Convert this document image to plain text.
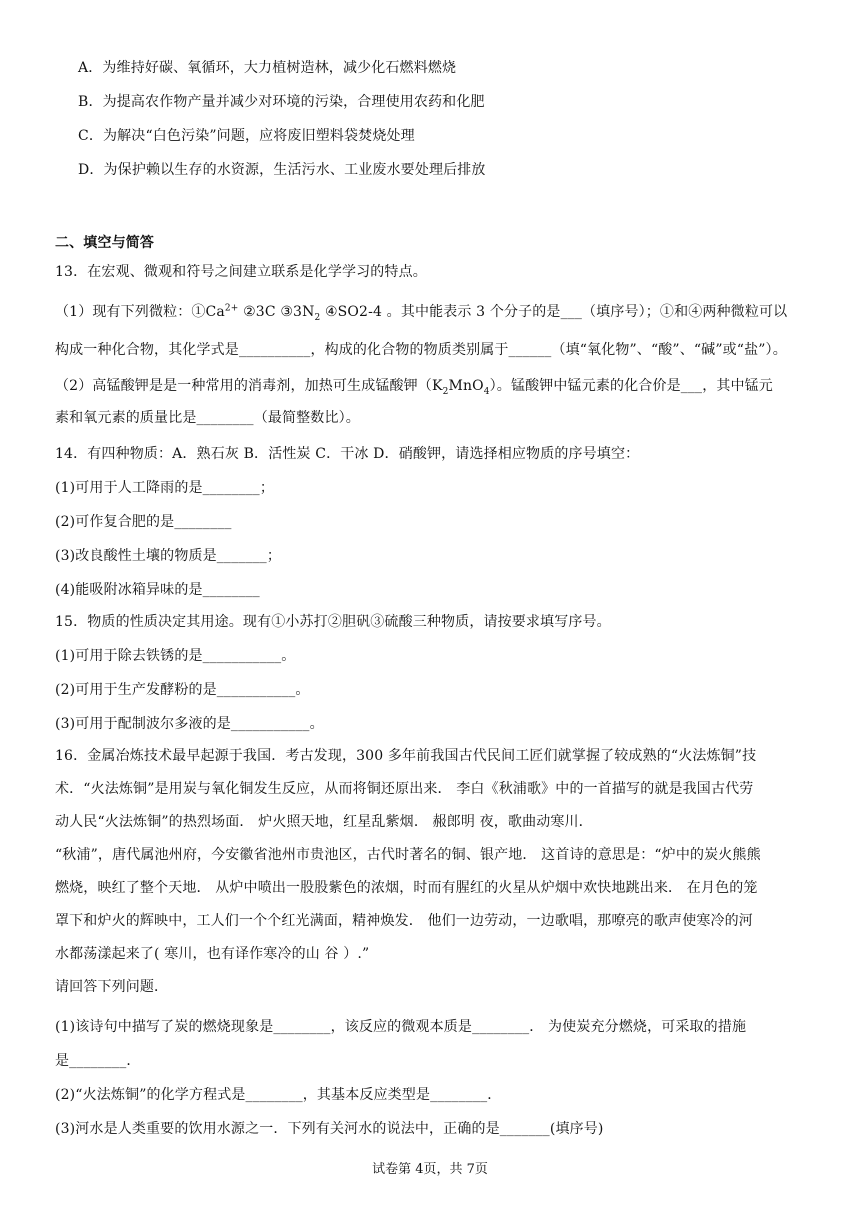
A．为维持好碳、氧循环，大力植树造林，减少化石燃料燃烧
B．为提高农作物产量并减少对环境的污染，合理使用农药和化肥
C．为解决“白色污染”问题，应将废旧塑料袋焚烧处理
D．为保护赖以生存的水资源，生活污水、工业废水要处理后排放
二、填空与简答
13．在宏观、微观和符号之间建立联系是化学学习的特点。
（1）现有下列微粒：$①Ca^{2+}$ ②3C $③3N_2$ ④SO2-4 。其中能表示 3 个分子的是___（填序号）；①和④两种微粒可以
构成一种化合物，其化学式是__________，构成的化合物的物质类别属于______（填“氧化物”、“酸”、“碱”或“盐”）。
（2）高锰酸钾是是一种常用的消毒剂，加热可生成锰酸钾$(K_2MnO_4)$。锰酸钾中锰元素的化合价是___，其中锰元
素和氧元素的质量比是________（最简整数比）。
14．有四种物质：A．熟石灰 B．活性炭 C．干冰 D．硝酸钾，请选择相应物质的序号填空：
(1)可用于人工降雨的是________；
(2)可作复合肥的是________
(3)改良酸性土壤的物质是_______；
(4)能吸附冰箱异味的是________
15．物质的性质决定其用途。现有①小苏打②胆矾③硫酸三种物质，请按要求填写序号。
(1)可用于除去铁锈的是___________。
(2)可用于生产发酵粉的是___________。
(3)可用于配制波尔多液的是___________。
16．金属冶炼技术最早起源于我国．考古发现，300 多年前我国古代民间工匠们就掌握了较成熟的“火法炼铜”技
术．“火法炼铜”是用炭与氧化铜发生反应，从而将铜还原出来． 李白《秋浦歌》中的一首描写的就是我国古代劳
动人民“火法炼铜”的热烈场面． 炉火照天地，红星乱紫烟． 赧郎明 夜，歌曲动寒川．
“秋浦”，唐代属池州府，今安徽省池州市贵池区，古代时著名的铜、银产地． 这首诗的意思是：“炉中的炭火熊熊
燃烧，映红了整个天地． 从炉中喷出一股股紫色的浓烟，时而有腥红的火星从炉烟中欢快地跳出来． 在月色的笼
罩下和炉火的辉映中，工人们一个个红光满面，精神焕发． 他们一边劳动，一边歌唱，那嘹亮的歌声使寒冷的河
水都荡漾起来了( 寒川，也有译作寒冷的山 谷 ）.”
请回答下列问题．
(1)该诗句中描写了炭的燃烧现象是________，该反应的微观本质是________． 为使炭充分燃烧，可采取的措施
是________．
(2)“火法炼铜”的化学方程式是________，其基本反应类型是________．
(3)河水是人类重要的饮用水源之一．下列有关河水的说法中，正确的是_______(填序号)
试卷第 4页，共 7页
